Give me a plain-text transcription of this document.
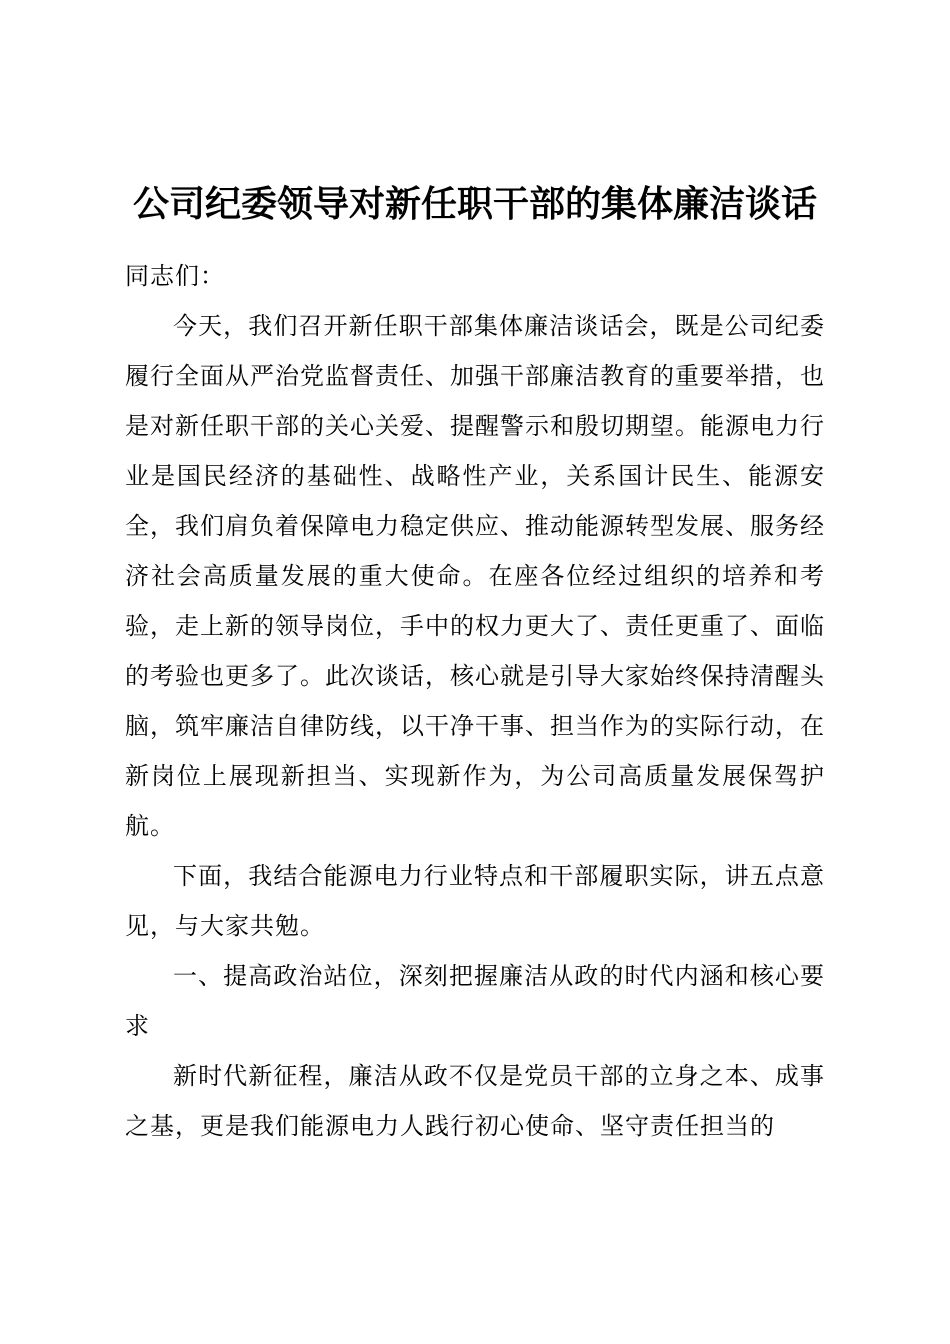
公司纪委领导对新任职干部的集体廉洁谈话

同志们：

今天，我们召开新任职干部集体廉洁谈话会，既是公司纪委履行全面从严治党监督责任、加强干部廉洁教育的重要举措，也是对新任职干部的关心关爱、提醒警示和殷切期望。能源电力行业是国民经济的基础性、战略性产业，关系国计民生、能源安全，我们肩负着保障电力稳定供应、推动能源转型发展、服务经济社会高质量发展的重大使命。在座各位经过组织的培养和考验，走上新的领导岗位，手中的权力更大了、责任更重了、面临的考验也更多了。此次谈话，核心就是引导大家始终保持清醒头脑，筑牢廉洁自律防线，以干净干事、担当作为的实际行动，在新岗位上展现新担当、实现新作为，为公司高质量发展保驾护航。

下面，我结合能源电力行业特点和干部履职实际，讲五点意见，与大家共勉。

一、提高政治站位，深刻把握廉洁从政的时代内涵和核心要求

新时代新征程，廉洁从政不仅是党员干部的立身之本、成事之基，更是我们能源电力人践行初心使命、坚守责任担当的
